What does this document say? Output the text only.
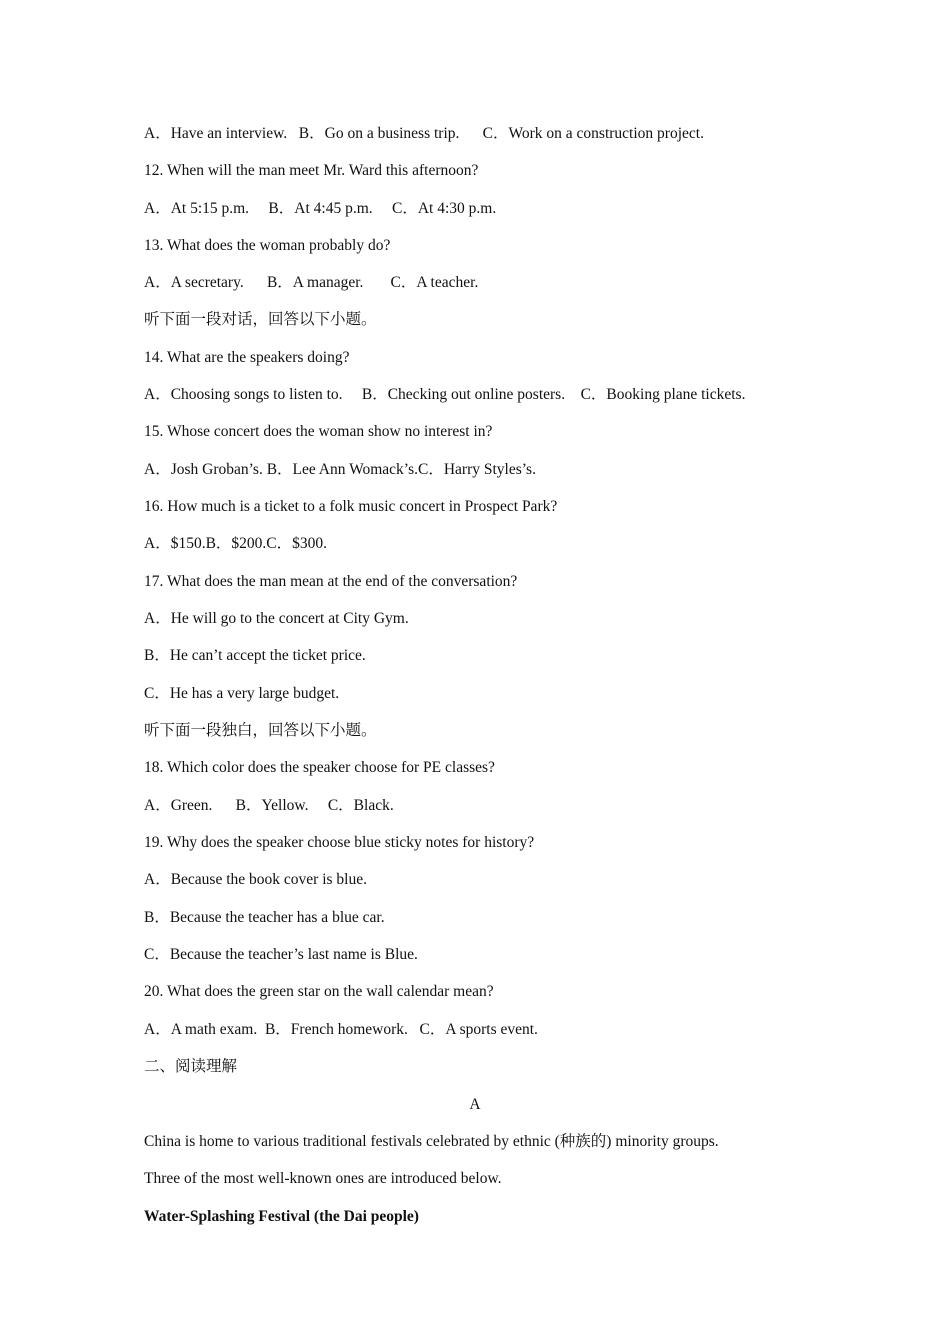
A．Have an interview.   B．Go on a business trip.      C．Work on a construction project.
12. When will the man meet Mr. Ward this afternoon?
A．At 5:15 p.m.     B．At 4:45 p.m.     C．At 4:30 p.m.
13. What does the woman probably do?
A．A secretary.      B．A manager.       C．A teacher.
听下面一段对话，回答以下小题。
14. What are the speakers doing?
A．Choosing songs to listen to.     B．Checking out online posters.    C．Booking plane tickets.
15. Whose concert does the woman show no interest in?
A．Josh Groban’s. B．Lee Ann Womack’s.C．Harry Styles’s.
16. How much is a ticket to a folk music concert in Prospect Park?
A．$150.B．$200.C．$300.
17. What does the man mean at the end of the conversation?
A．He will go to the concert at City Gym.
B．He can’t accept the ticket price.
C．He has a very large budget.
听下面一段独白，回答以下小题。
18. Which color does the speaker choose for PE classes?
A．Green.      B．Yellow.     C．Black.
19. Why does the speaker choose blue sticky notes for history?
A．Because the book cover is blue.
B．Because the teacher has a blue car.
C．Because the teacher’s last name is Blue.
20. What does the green star on the wall calendar mean?
A．A math exam.  B．French homework.   C．A sports event.
二、阅读理解
A
China is home to various traditional festivals celebrated by ethnic (种族的) minority groups.
Three of the most well-known ones are introduced below.
Water-Splashing Festival (the Dai people)
